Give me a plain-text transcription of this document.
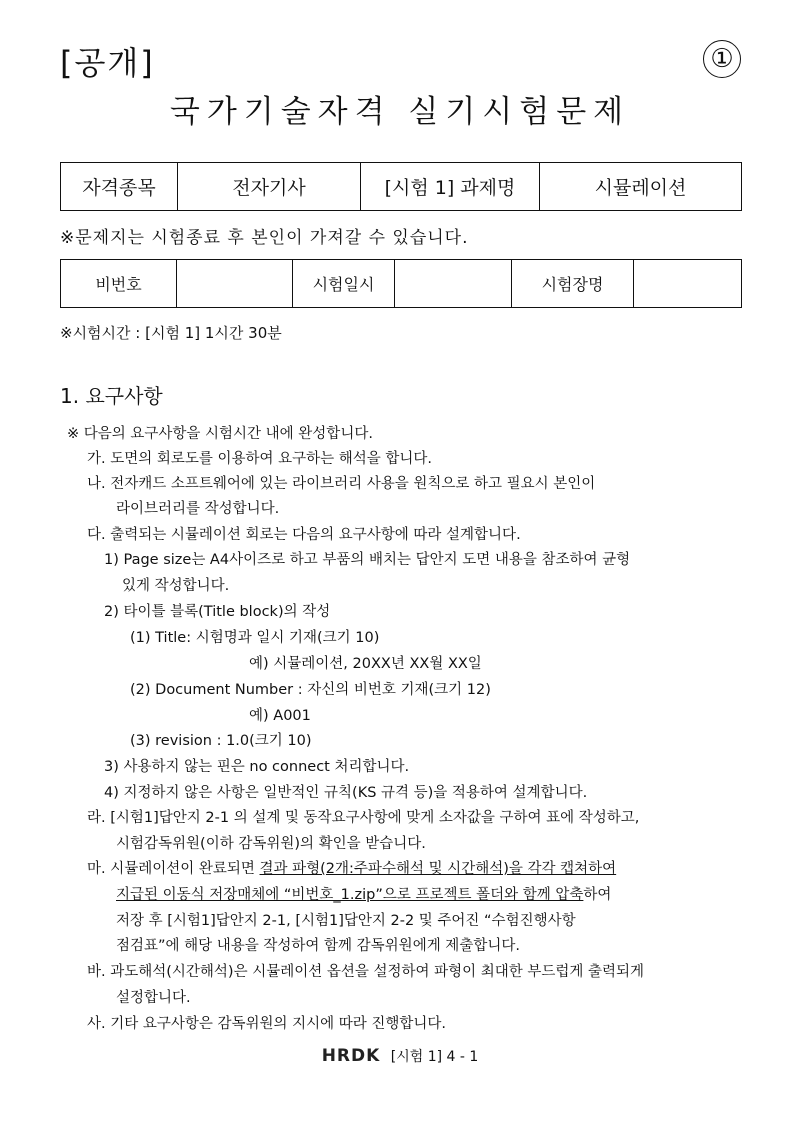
[공개]	①
국가기술자격 실기시험문제
자격종목	전자기사	[시험 1] 과제명	시뮬레이션
※문제지는 시험종료 후 본인이 가져갈 수 있습니다.
비번호		시험일시		시험장명	
※시험시간 : [시험 1] 1시간 30분
1. 요구사항
※ 다음의 요구사항을 시험시간 내에 완성합니다.
가. 도면의 회로도를 이용하여 요구하는 해석을 합니다.
나. 전자캐드 소프트웨어에 있는 라이브러리 사용을 원칙으로 하고 필요시 본인이
라이브러리를 작성합니다.
다. 출력되는 시뮬레이션 회로는 다음의 요구사항에 따라 설계합니다.
1) Page size는 A4사이즈로 하고 부품의 배치는 답안지 도면 내용을 참조하여 균형
있게 작성합니다.
2) 타이틀 블록(Title block)의 작성
(1) Title: 시험명과 일시 기재(크기 10)
예) 시뮬레이션, 20XX년 XX월 XX일
(2) Document Number : 자신의 비번호 기재(크기 12)
예) A001
(3) revision : 1.0(크기 10)
3) 사용하지 않는 핀은 no connect 처리합니다.
4) 지정하지 않은 사항은 일반적인 규칙(KS 규격 등)을 적용하여 설계합니다.
라. [시험1]답안지 2-1 의 설계 및 동작요구사항에 맞게 소자값을 구하여 표에 작성하고,
시험감독위원(이하 감독위원)의 확인을 받습니다.
마. 시뮬레이션이 완료되면 결과 파형(2개:주파수해석 및 시간해석)을 각각 캡쳐하여
지급된 이동식 저장매체에 “비번호_1.zip”으로 프로젝트 폴더와 함께 압축하여
저장 후 [시험1]답안지 2-1, [시험1]답안지 2-2 및 주어진 “수험진행사항
점검표”에 해당 내용을 작성하여 함께 감독위원에게 제출합니다.
바. 과도해석(시간해석)은 시뮬레이션 옵션을 설정하여 파형이 최대한 부드럽게 출력되게
설정합니다.
사. 기타 요구사항은 감독위원의 지시에 따라 진행합니다.
HRDK [시험 1] 4 - 1
